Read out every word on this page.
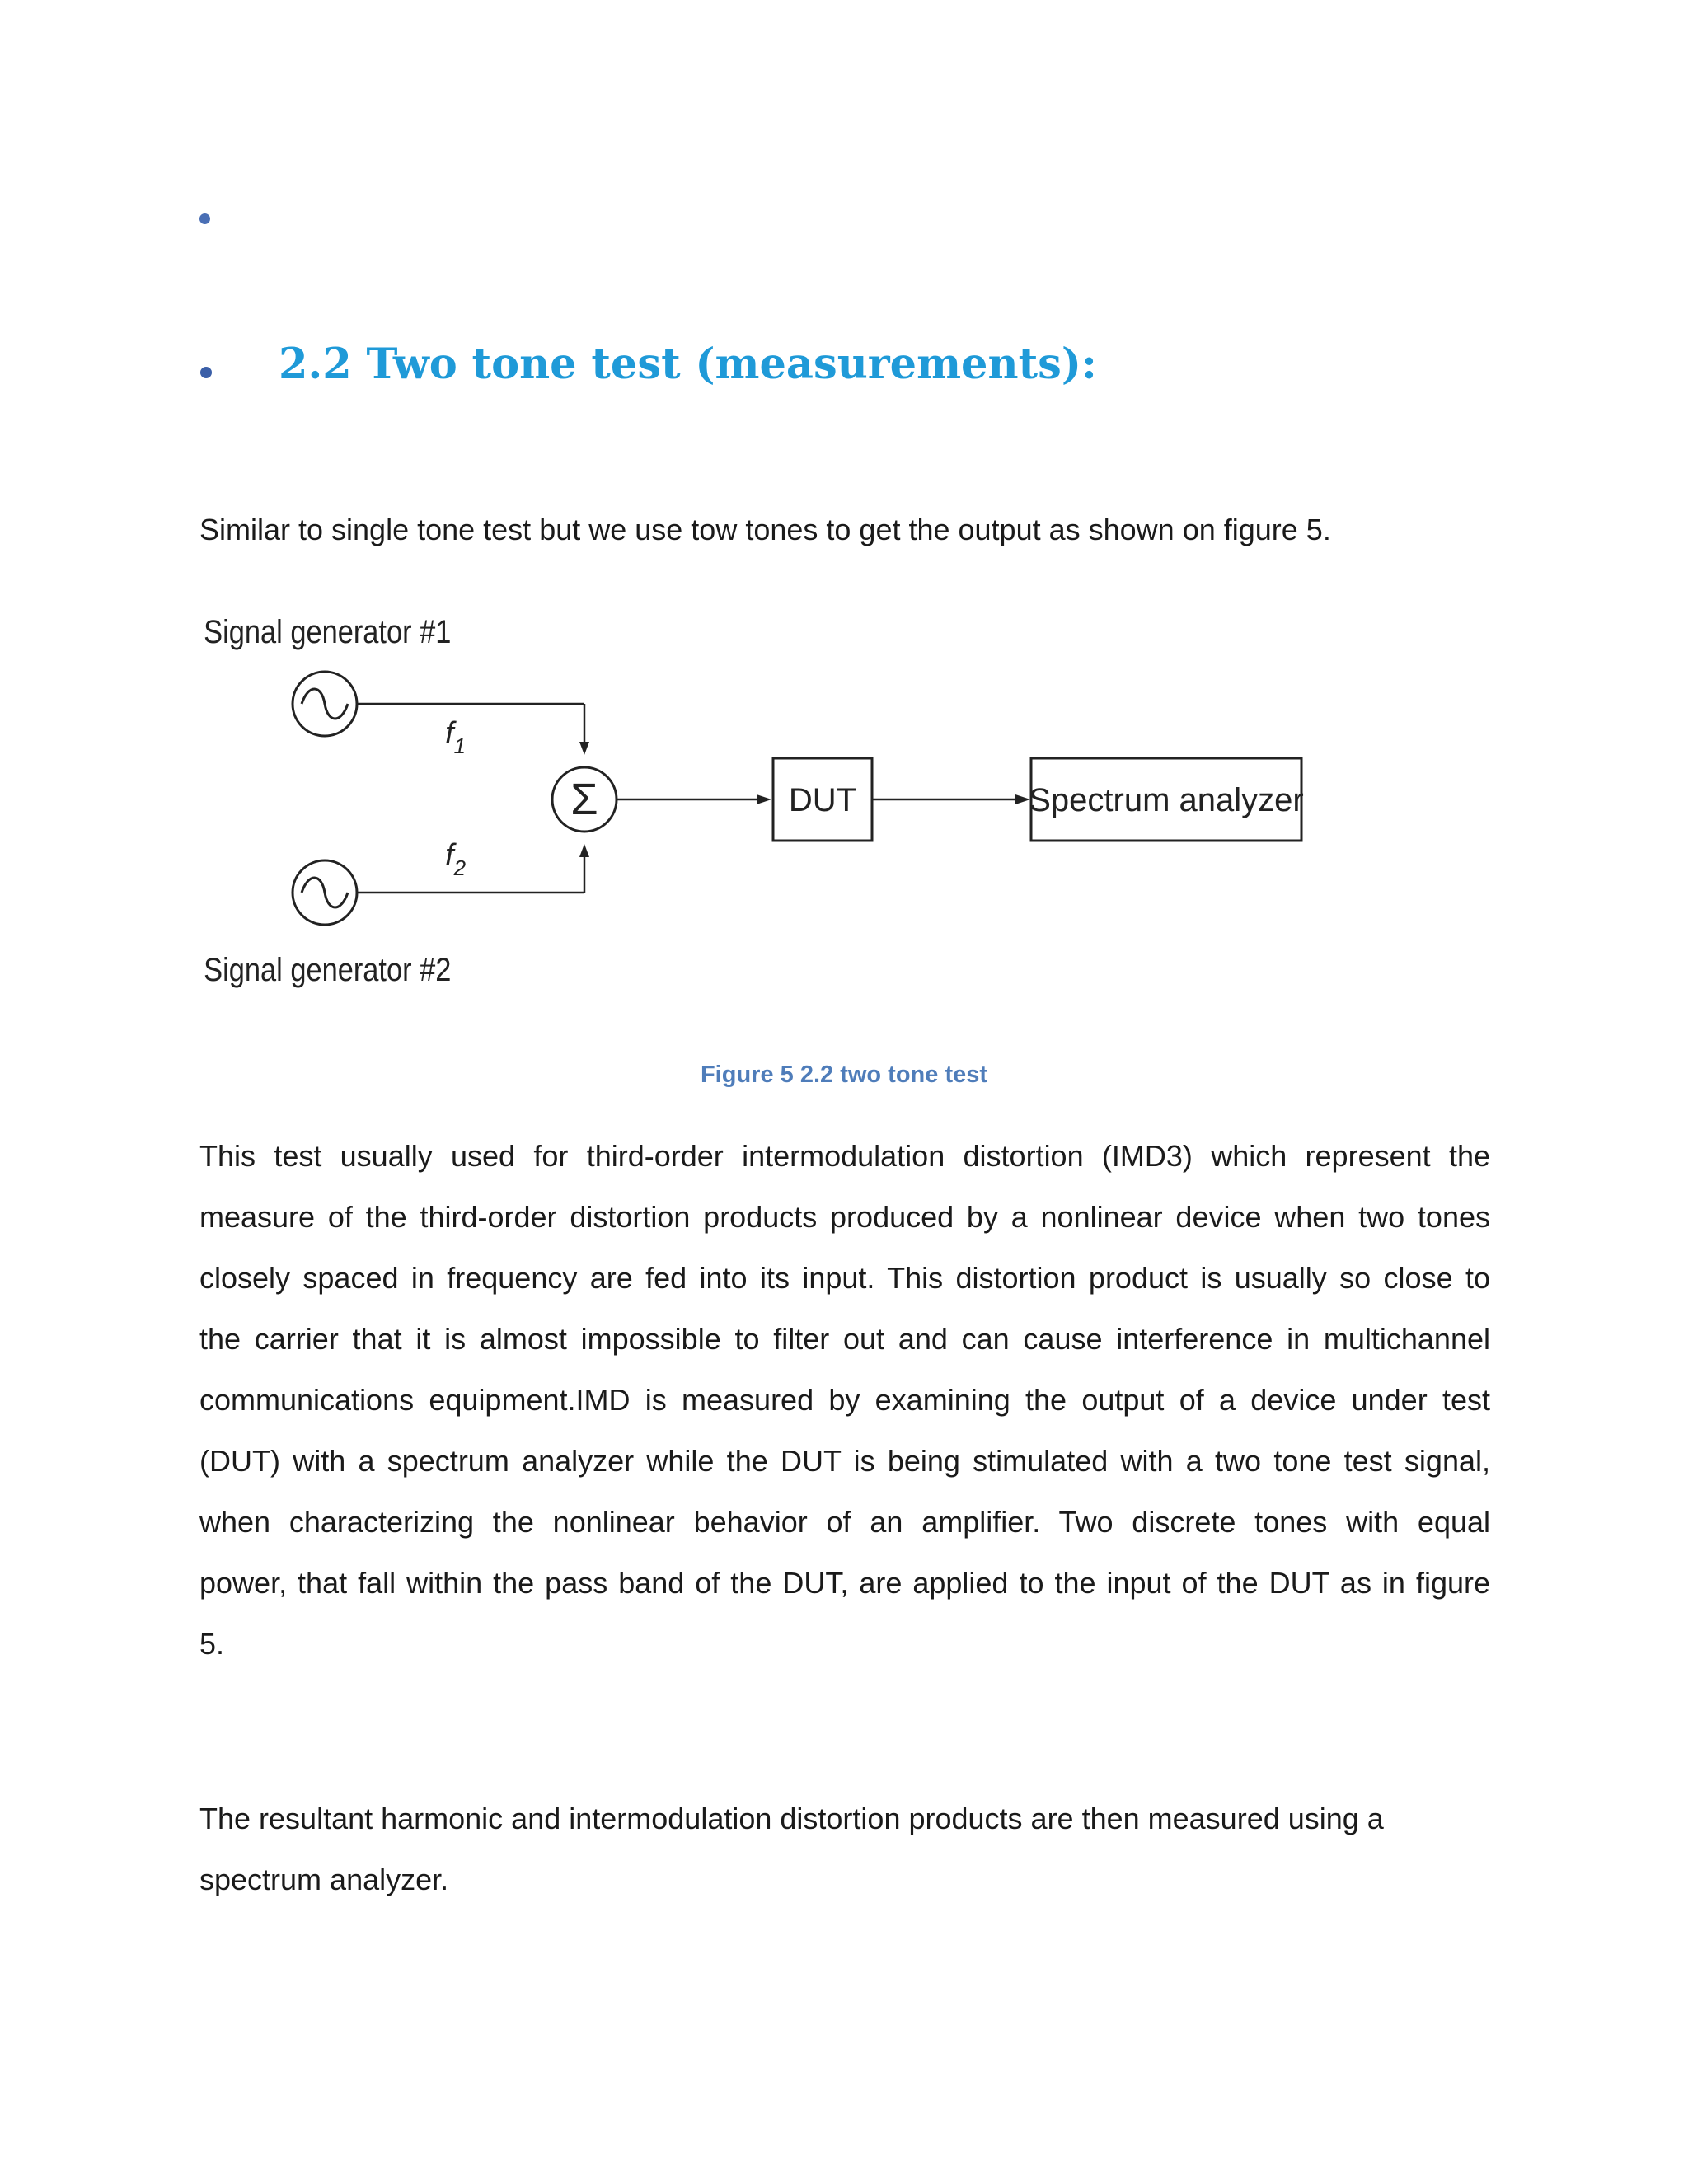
2.2 Two tone test (measurements):
Similar to single tone test but we use tow tones to get the output as shown on figure 5.
Signal generator #1
$f_1$
Σ
$f_2$
Signal generator #2
DUT	Spectrum analyzer
Figure 5 2.2 two tone test
This test usually used for third-order intermodulation distortion (IMD3) which represent the
measure of the third-order distortion products produced by a nonlinear device when two tones
closely spaced in frequency are fed into its input. This distortion product is usually so close to
the carrier that it is almost impossible to filter out and can cause interference in multichannel
communications equipment.IMD is measured by examining the output of a device under test
(DUT) with a spectrum analyzer while the DUT is being stimulated with a two tone test signal,
when characterizing the nonlinear behavior of an amplifier. Two discrete tones with equal
power, that fall within the pass band of the DUT, are applied to the input of the DUT as in figure
5.
The resultant harmonic and intermodulation distortion products are then measured using a
spectrum analyzer.
